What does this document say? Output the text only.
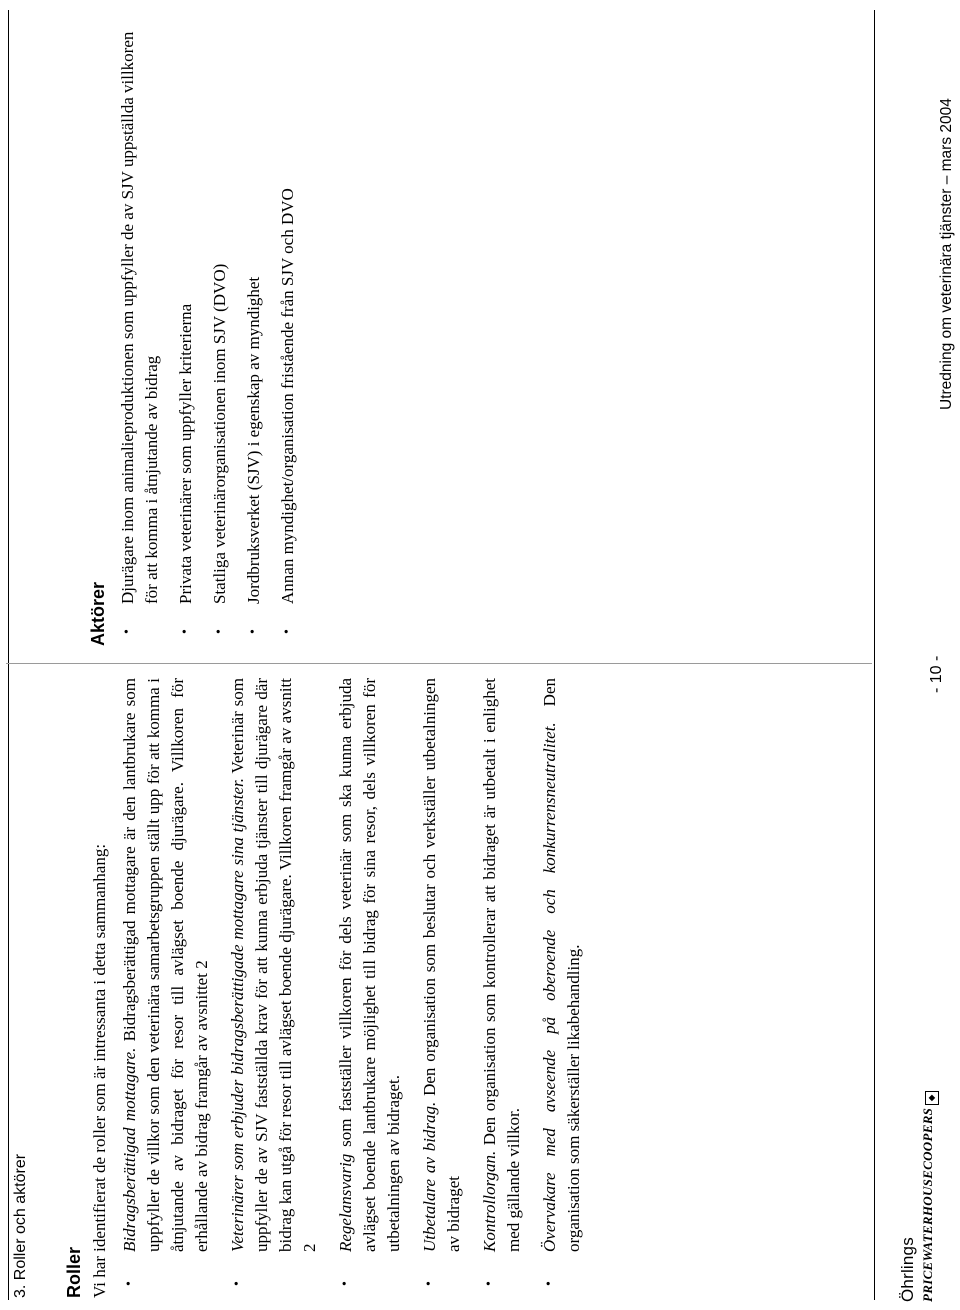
3. Roller och aktörer Roller Vi har identifierat de roller som är intressanta i detta sammanhang: •
Bidragsberättigad mottagare. Bidragsberättigad mottagare är den lantbrukare som uppfyller de villkor som den veterinära samarbetsgruppen ställt upp för att komma i åtnjutande av bidraget för resor till avlägset boende djurägare. Villkoren för erhållande av bidrag framgår av avsnittet 2
•
Veterinärer som erbjuder bidragsberättigade mottagare sina tjänster. Veterinär som uppfyller de av SJV fastställda krav för att kunna erbjuda tjänster till djurägare där bidrag kan utgå för resor till avlägset boende djurägare. Villkoren framgår av avsnitt 2
•
Regelansvarig som fastställer villkoren för dels veterinär som ska kunna erbjuda avlägset boende lantbrukare möjlighet till bidrag för sina resor, dels villkoren för utbetalningen av bidraget.
•
Utbetalare av bidrag. Den organisation som beslutar och verkställer utbetalningen av bidraget
•
Kontrollorgan. Den organisation som kontrollerar att bidraget är utbetalt i enlighet med gällande villkor.
•
Övervakare med avseende på oberoende och konkurrensneutralitet. Den organisation som säkerställer likabehandling.
Aktörer •
Djurägare inom animalieproduktionen som uppfyller de av SJV uppställda villkoren för att komma i åtnjutande av bidrag
•
Privata veterinärer som uppfyller kriterierna
•
Statliga veterinärorganisationen inom SJV (DVO)
•
Jordbruksverket (SJV) i egenskap av myndighet
•
Annan myndighet/organisation fristående från SJV och DVO
Öhrlings PRICEWATERHOUSECOOPERS◆
- 10 -
Utredning om veterinära tjänster – mars 2004
